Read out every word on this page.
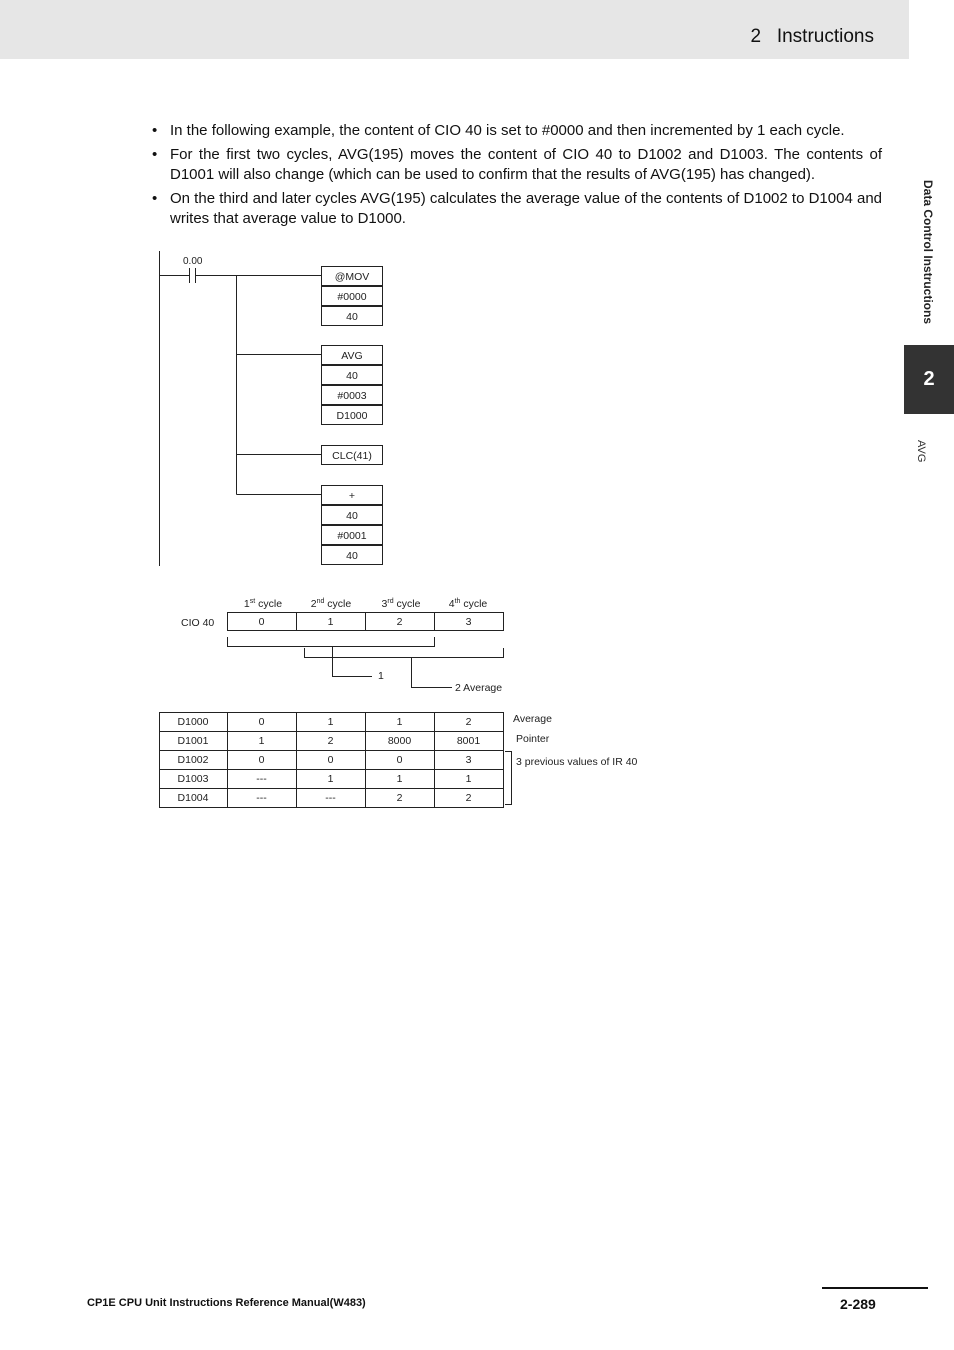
2   Instructions
Data Control Instructions
2
AVG
• In the following example, the content of CIO 40 is set to #0000 and then incremented by 1 each cycle.
• For the first two cycles, AVG(195) moves the content of CIO 40 to D1002 and D1003. The contents of D1001 will also change (which can be used to confirm that the results of AVG(195) has changed).
• On the third and later cycles AVG(195) calculates the average value of the contents of D1002 to D1004 and writes that average value to D1000.
0.00
@MOV
#0000
40
AVG
40
#0003
D1000
CLC(41)
+
40
#0001
40
1st cycle	2nd cycle	3rd cycle	4th cycle
CIO 40	0	1	2	3
1
2 Average
D1000	0	1	1	2
D1001	1	2	8000	8001
D1002	0	0	0	3
D1003	---	1	1	1
D1004	---	---	2	2
Average
Pointer
3 previous values of IR 40
CP1E CPU Unit Instructions Reference Manual(W483)	2-289
